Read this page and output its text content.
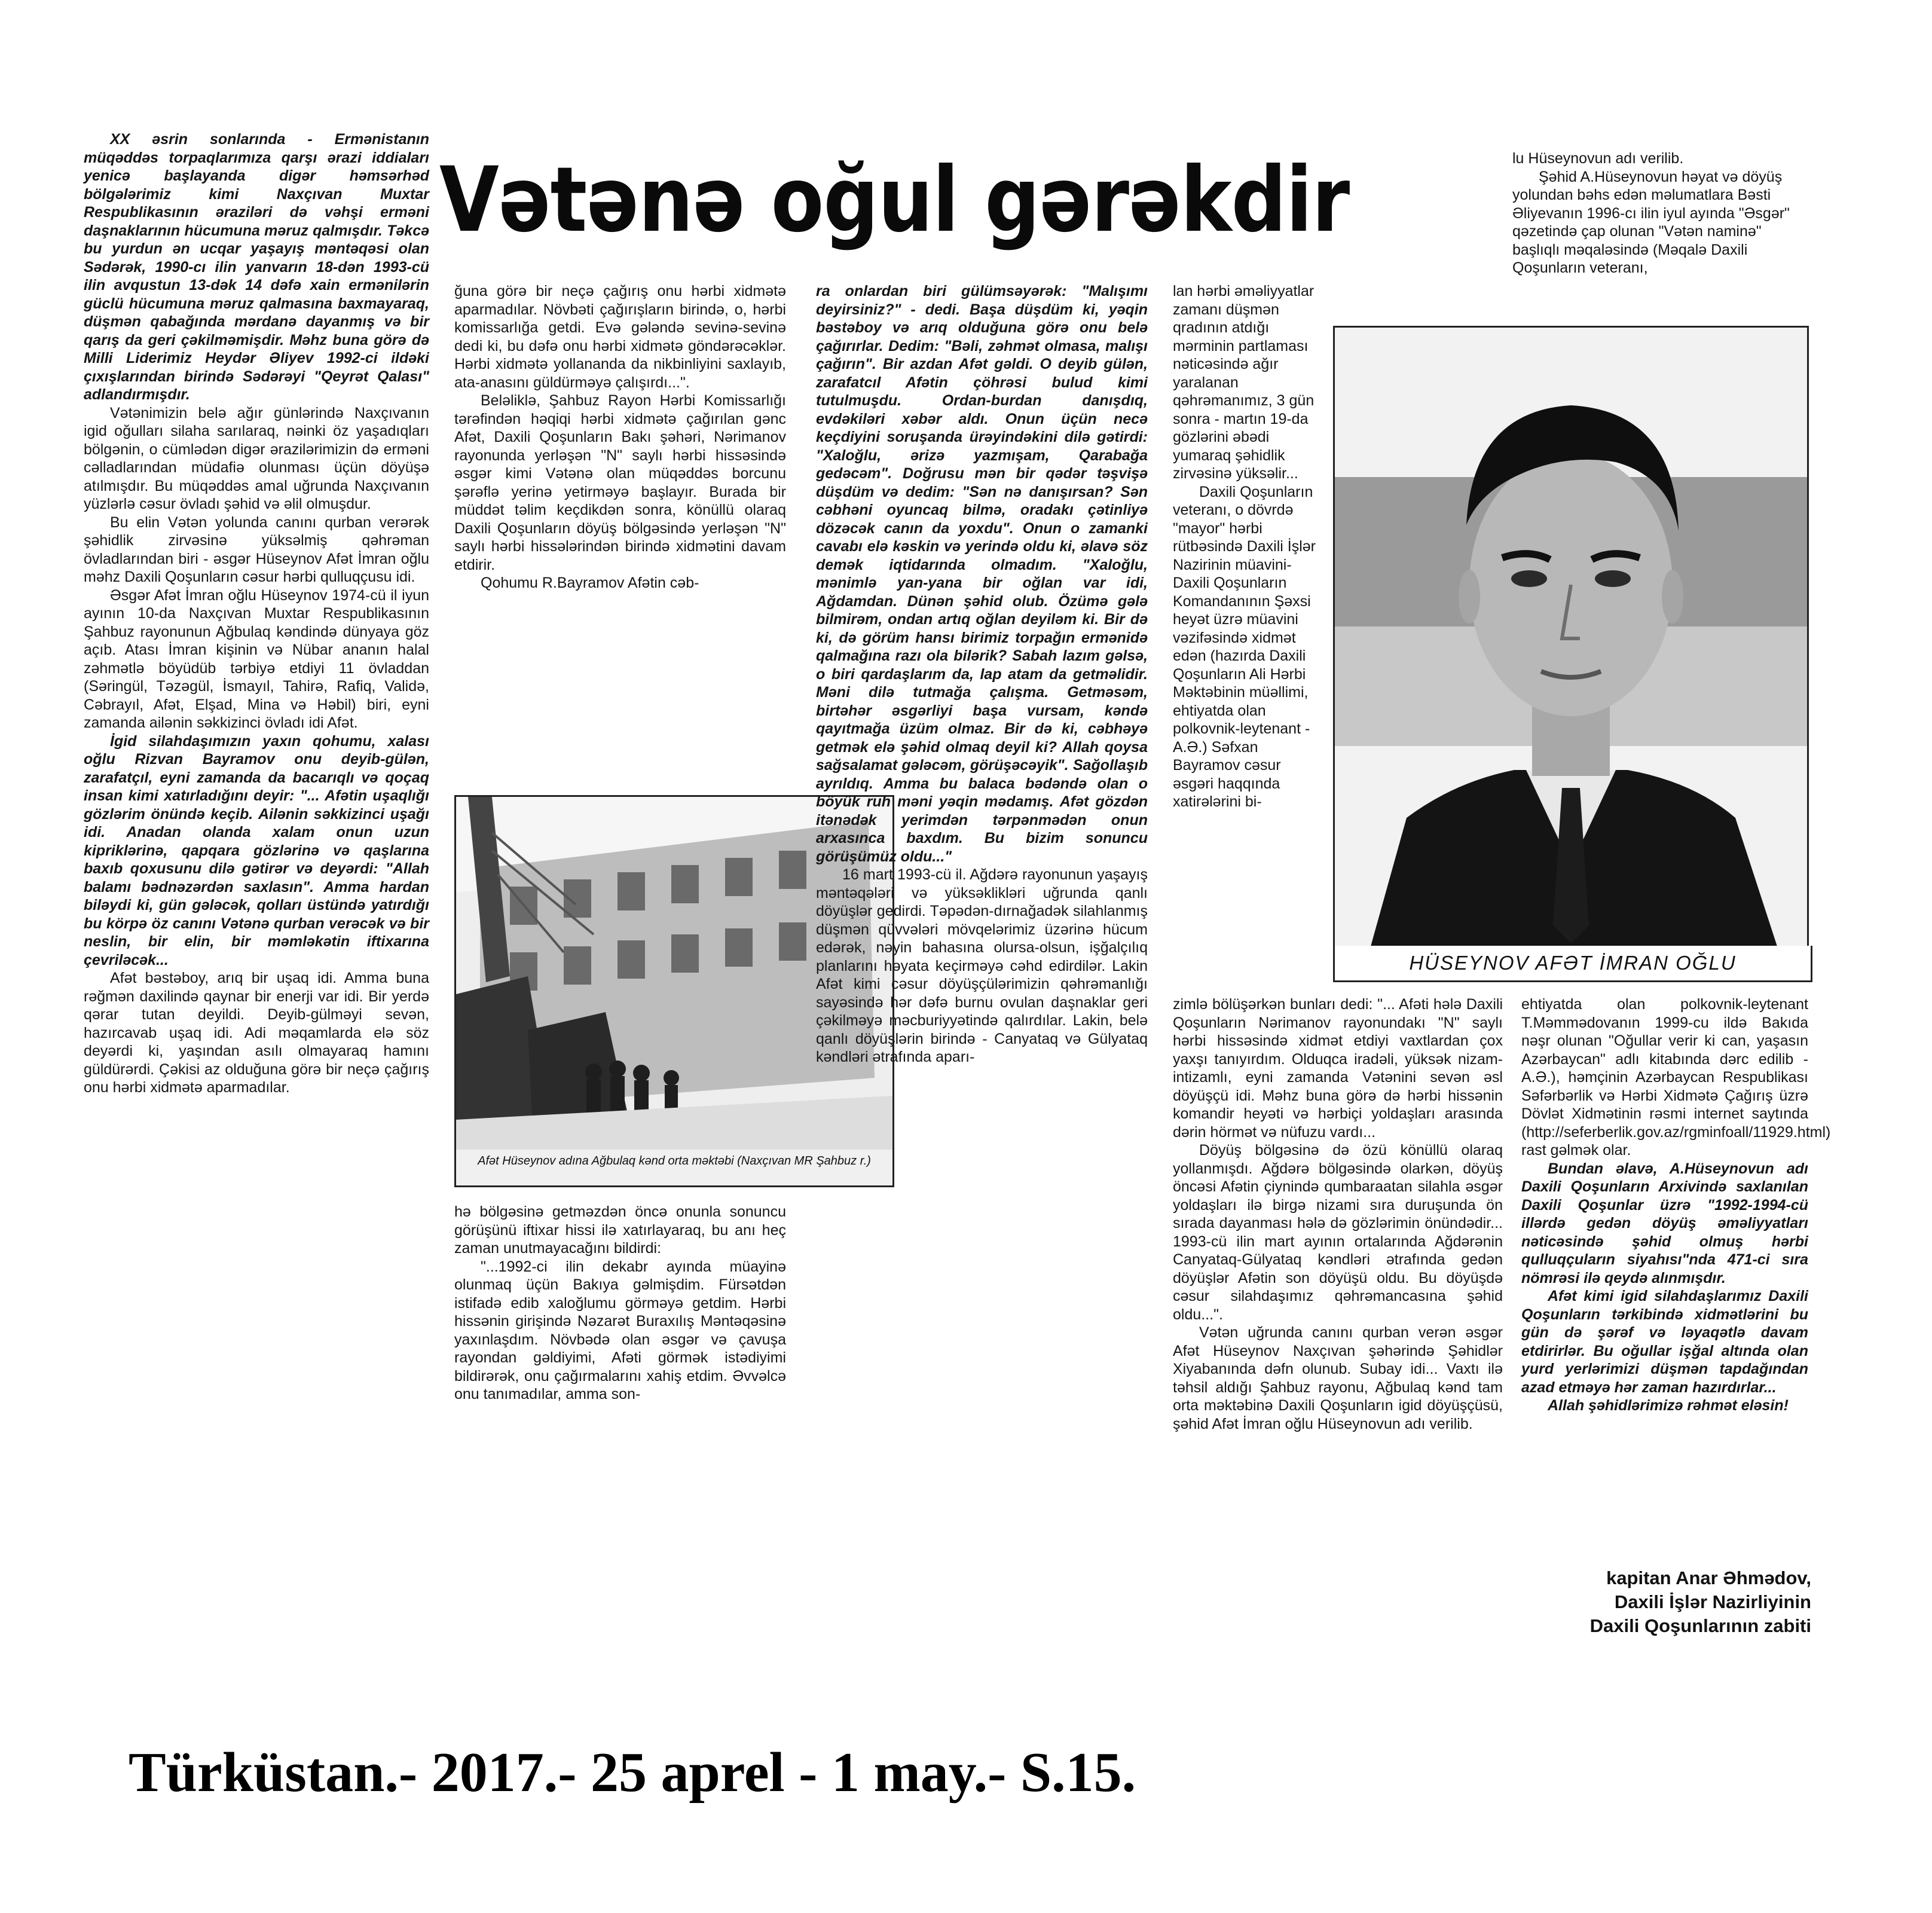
Vətənə oğul gərəkdir

XX əsrin sonlarında - Ermənistanın müqəddəs torpaqlarımıza qarşı ərazi iddiaları yenicə başlayanda digər həmsərhəd bölgələrimiz kimi Naxçıvan Muxtar Respublikasının əraziləri də vəhşi erməni daşnaklarının hücumuna məruz qalmışdır. Təkcə bu yurdun ən ucqar yaşayış məntəqəsi olan Sədərək, 1990-cı ilin yanvarın 18-dən 1993-cü ilin avqustun 13-dək 14 dəfə xain ermənilərin güclü hücumuna məruz qalmasına baxmayaraq, düşmən qabağında mərdanə dayanmış və bir qarış da geri çəkilməmişdir. Məhz buna görə də Milli Liderimiz Heydər Əliyev 1992-ci ildəki çıxışlarından birində Sədərəyi "Qeyrət Qalası" adlandırmışdır.

Vətənimizin belə ağır günlərində Naxçıvanın igid oğulları silaha sarılaraq, nəinki öz yaşadıqları bölgənin, o cümlədən digər ərazilərimizin də erməni cəlladlarından müdafiə olunması üçün döyüşə atılmışdır. Bu müqəddəs amal uğrunda Naxçıvanın yüzlərlə cəsur övladı şəhid və əlil olmuşdur.

Bu elin Vətən yolunda canını qurban verərək şəhidlik zirvəsinə yüksəlmiş qəhrəman övladlarından biri - əsgər Hüseynov Afət İmran oğlu məhz Daxili Qoşunların cəsur hərbi qulluqçusu idi.

Əsgər Afət İmran oğlu Hüseynov 1974-cü il iyun ayının 10-da Naxçıvan Muxtar Respublikasının Şahbuz rayonunun Ağbulaq kəndində dünyaya göz açıb. Atası İmran kişinin və Nübar ananın halal zəhmətlə böyüdüb tərbiyə etdiyi 11 övladdan (Səringül, Təzəgül, İsmayıl, Tahirə, Rafiq, Validə, Cəbrayıl, Afət, Elşad, Mina və Həbil) biri, eyni zamanda ailənin səkkizinci övladı idi Afət.

İgid silahdaşımızın yaxın qohumu, xalası oğlu Rizvan Bayramov onu deyib-gülən, zarafatçıl, eyni zamanda da bacarıqlı və qoçaq insan kimi xatırladığını deyir: "... Afətin uşaqlığı gözlərim önündə keçib. Ailənin səkkizinci uşağı idi. Anadan olanda xalam onun uzun kipriklərinə, qapqara gözlərinə və qaşlarına baxıb qoxusunu dilə gətirər və deyərdi: "Allah balamı bədnəzərdən saxlasın". Amma hardan biləydi ki, gün gələcək, qolları üstündə yatırdığı bu körpə öz canını Vətənə qurban verəcək və bir neslin, bir elin, bir məmləkətin iftixarına çevriləcək...

Afət bəstəboy, arıq bir uşaq idi. Amma buna rəğmən daxilində qaynar bir enerji var idi. Bir yerdə qərar tutan deyildi. Deyib-gülməyi sevən, hazırcavab uşaq idi. Adi məqamlarda elə söz deyərdi ki, yaşından asılı olmayaraq hamını güldürərdi. Çəkisi az olduğuna görə bir neçə çağırış onu hərbi xidmətə aparmadılar.

ğuna görə bir neçə çağırış onu hərbi xidmətə aparmadılar. Növbəti çağırışların birində, o, hərbi komissarlığa getdi. Evə gələndə sevinə-sevinə dedi ki, bu dəfə onu hərbi xidmətə göndərəcəklər. Hərbi xidmətə yollananda da nikbinliyini saxlayıb, ata-anasını güldürməyə çalışırdı...".

Beləliklə, Şahbuz Rayon Hərbi Komissarlığı tərəfindən həqiqi hərbi xidmətə çağırılan gənc Afət, Daxili Qoşunların Bakı şəhəri, Nərimanov rayonunda yerləşən "N" saylı hərbi hissəsində əsgər kimi Vətənə olan müqəddəs borcunu şərəflə yerinə yetirməyə başlayır. Burada bir müddət təlim keçdikdən sonra, könüllü olaraq Daxili Qoşunların döyüş bölgəsində yerləşən "N" saylı hərbi hissələrindən birində xidmətini davam etdirir.

Qohumu R.Bayramov Afətin cəb-

Afət Hüseynov adına Ağbulaq kənd orta məktəbi (Naxçıvan MR Şahbuz r.)

hə bölgəsinə getməzdən öncə onunla sonuncu görüşünü iftixar hissi ilə xatırlayaraq, bu anı heç zaman unutmayacağını bildirdi:

"...1992-ci ilin dekabr ayında müayinə olunmaq üçün Bakıya gəlmişdim. Fürsətdən istifadə edib xaloğlumu görməyə getdim. Hərbi hissənin girişində Nəzarət Buraxılış Məntəqəsinə yaxınlaşdım. Növbədə olan əsgər və çavuşa rayondan gəldiyimi, Afəti görmək istədiyimi bildirərək, onu çağırmalarını xahiş etdim. Əvvəlcə onu tanımadılar, amma son-

ra onlardan biri gülümsəyərək: "Malışımı deyirsiniz?" - dedi. Başa düşdüm ki, yəqin bəstəboy və arıq olduğuna görə onu belə çağırırlar. Dedim: "Bəli, zəhmət olmasa, malışı çağırın". Bir azdan Afət gəldi. O deyib gülən, zarafatcıl Afətin çöhrəsi bulud kimi tutulmuşdu. Ordan-burdan danışdıq, evdəkiləri xəbər aldı. Onun üçün necə keçdiyini soruşanda ürəyindəkini dilə gətirdi: "Xaloğlu, ərizə yazmışam, Qarabağa gedəcəm". Doğrusu mən bir qədər təşvişə düşdüm və dedim: "Sən nə danışırsan? Sən cəbhəni oyuncaq bilmə, oradakı çətinliyə dözəcək canın da yoxdu". Onun o zamanki cavabı elə kəskin və yerində oldu ki, əlavə söz demək iqtidarında olmadım. "Xaloğlu, mənimlə yan-yana bir oğlan var idi, Ağdamdan. Dünən şəhid olub. Özümə gələ bilmirəm, ondan artıq oğlan deyiləm ki. Bir də ki, də görüm hansı birimiz torpağın ermənidə qalmağına razı ola bilərik? Sabah lazım gəlsə, o biri qardaşlarım da, lap atam da getməlidir. Məni dilə tutmağa çalışma. Getməsəm, birtəhər əsgərliyi başa vursam, kəndə qayıtmağa üzüm olmaz. Bir də ki, cəbhəyə getmək elə şəhid olmaq deyil ki? Allah qoysa sağsalamat gələcəm, görüşəcəyik". Sağollaşıb ayrıldıq. Amma bu balaca bədəndə olan o böyük ruh məni yəqin mədamış. Afət gözdən itənədək yerimdən tərpənmədən onun arxasınca baxdım. Bu bizim sonuncu görüşümüz oldu..."

16 mart 1993-cü il. Ağdərə rayonunun yaşayış məntəqələri və yüksəklikləri uğrunda qanlı döyüşlər gedirdi. Təpədən-dırnağadək silahlanmış düşmən qüvvələri mövqelərimiz üzərinə hücum edərək, nəyin bahasına olursa-olsun, işğalçılıq planlarını həyata keçirməyə cəhd edirdilər. Lakin Afət kimi cəsur döyüşçülərimizin qəhrəmanlığı sayəsində hər dəfə burnu ovulan daşnaklar geri çəkilməyə məcburiyyətində qalırdılar. Lakin, belə qanlı döyüşlərin birində - Canyataq və Gülyataq kəndləri ətrafında aparı-

lan hərbi əməliyyatlar zamanı düşmən qradının atdığı mərminin partlaması nəticəsində ağır yaralanan qəhrəmanımız, 3 gün sonra - martın 19-da gözlərini əbədi yumaraq şəhidlik zirvəsinə yüksəlir...

Daxili Qoşunların veteranı, o dövrdə "mayor" hərbi rütbəsində Daxili İşlər Nazirinin müavini-Daxili Qoşunların Komandanının Şəxsi heyət üzrə müavini vəzifəsində xidmət edən (hazırda Daxili Qoşunların Ali Hərbi Məktəbinin müəllimi, ehtiyatda olan polkovnik-leytenant - A.Ə.) Səfxan Bayramov cəsur əsgəri haqqında xatirələrini bi-

HÜSEYNOV AFƏT İMRAN OĞLU

zimlə bölüşərkən bunları dedi: "... Afəti hələ Daxili Qoşunların Nərimanov rayonundakı "N" saylı hərbi hissəsində xidmət etdiyi vaxtlardan çox yaxşı tanıyırdım. Olduqca iradəli, yüksək nizam-intizamlı, eyni zamanda Vətənini sevən əsl döyüşçü idi. Məhz buna görə də hərbi hissənin komandir heyəti və hərbiçi yoldaşları arasında dərin hörmət və nüfuzu vardı...

Döyüş bölgəsinə də özü könüllü olaraq yollanmışdı. Ağdərə bölgəsində olarkən, döyüş öncəsi Afətin çiynində qumbaraatan silahla əsgər yoldaşları ilə birgə nizami sıra duruşunda ön sırada dayanması hələ də gözlərimin önündədir... 1993-cü ilin mart ayının ortalarında Ağdərənin Canyataq-Gülyataq kəndləri ətrafında gedən döyüşlər Afətin son döyüşü oldu. Bu döyüşdə cəsur silahdaşımız qəhrəmancasına şəhid oldu...".

Vətən uğrunda canını qurban verən əsgər Afət Hüseynov Naxçıvan şəhərində Şəhidlər Xiyabanında dəfn olunub. Subay idi... Vaxtı ilə təhsil aldığı Şahbuz rayonu, Ağbulaq kənd tam orta məktəbinə Daxili Qoşunların igid döyüşçüsü, şəhid Afət İmran oğlu Hüseynovun adı verilib.

lu Hüseynovun adı verilib.

Şəhid A.Hüseynovun həyat və döyüş yolundan bəhs edən məlumatlara Bəsti Əliyevanın 1996-cı ilin iyul ayında "Əsgər" qəzetində çap olunan "Vətən naminə" başlıqlı məqaləsində (Məqalə Daxili Qoşunların veteranı,

ehtiyatda olan polkovnik-leytenant T.Məmmədovanın 1999-cu ildə Bakıda nəşr olunan "Oğullar verir ki can, yaşasın Azərbaycan" adlı kitabında dərc edilib - A.Ə.), həmçinin Azərbaycan Respublikası Səfərbərlik və Hərbi Xidmətə Çağırış üzrə Dövlət Xidmətinin rəsmi internet saytında (http://seferberlik.gov.az/rgminfoall/11929.html) rast gəlmək olar.

Bundan əlavə, A.Hüseynovun adı Daxili Qoşunların Arxivində saxlanılan Daxili Qoşunlar üzrə "1992-1994-cü illərdə gedən döyüş əməliyyatları nəticəsində şəhid olmuş hərbi qulluqçuların siyahısı"nda 471-ci sıra nömrəsi ilə qeydə alınmışdır.

Afət kimi igid silahdaşlarımız Daxili Qoşunların tərkibində xidmətlərini bu gün də şərəf və ləyaqətlə davam etdirirlər. Bu oğullar işğal altında olan yurd yerlərimizi düşmən tapdağından azad etməyə hər zaman hazırdırlar...

Allah şəhidlərimizə rəhmət eləsin!

kapitan Anar Əhmədov,
Daxili İşlər Nazirliyinin
Daxili Qoşunlarının zabiti
Türküstan.- 2017.- 25 aprel - 1 may.- S.15.
